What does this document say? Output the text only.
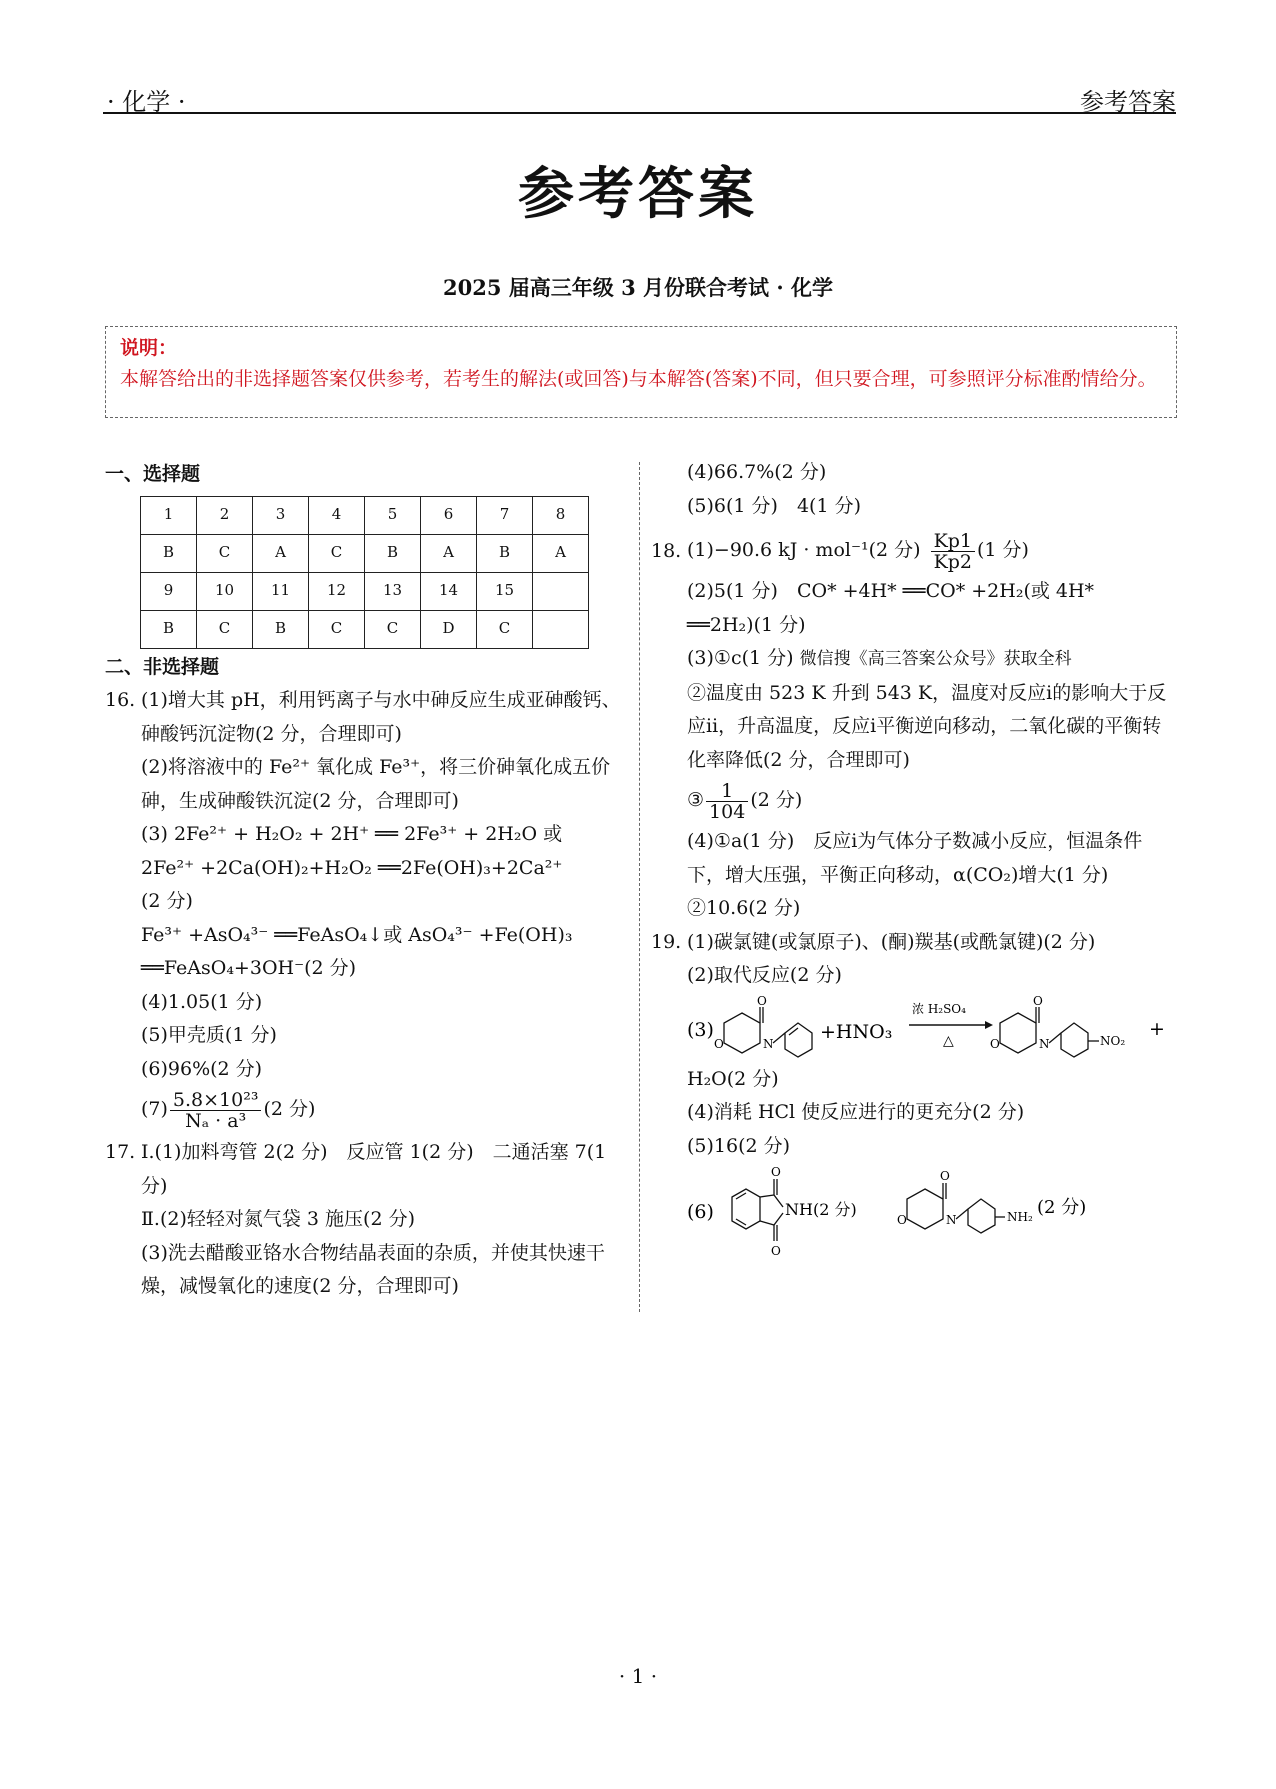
· 化学 ·	参考答案
参考答案
2025 届高三年级 3 月份联合考试 · 化学
说明：
本解答给出的非选择题答案仅供参考，若考生的解法(或回答)与本解答(答案)不同，但只要合理，可参照评分标准酌情给分。
一、选择题
1	2	3	4	5	6	7	8
B	C	A	C	B	A	B	A
9	10	11	12	13	14	15	
B	C	B	C	C	D	C	
二、非选择题
16. (1)增大其 pH，利用钙离子与水中砷反应生成亚砷酸钙、砷酸钙沉淀物(2 分，合理即可)
(2)将溶液中的 Fe²⁺ 氧化成 Fe³⁺，将三价砷氧化成五价砷，生成砷酸铁沉淀(2 分，合理即可)
(3) 2Fe²⁺ + H₂O₂ + 2H⁺ ══ 2Fe³⁺ + 2H₂O 或
2Fe²⁺ +2Ca(OH)₂+H₂O₂ ══2Fe(OH)₃+2Ca²⁺
(2 分)
Fe³⁺ +AsO₄³⁻ ══FeAsO₄↓或 AsO₄³⁻ +Fe(OH)₃
══FeAsO₄+3OH⁻(2 分)
(4)1.05(1 分)
(5)甲壳质(1 分)
(6)96%(2 分)
$(7) \frac{\text{5.8×10²³}}{\text{Nₐ · a³}} (2$ 分)
17. Ⅰ.(1)加料弯管 2(2 分)　反应管 1(2 分)　二通活塞 7(1 分)
Ⅱ.(2)轻轻对氮气袋 3 施压(2 分)
(3)洗去醋酸亚铬水合物结晶表面的杂质，并使其快速干燥，减慢氧化的速度(2 分，合理即可)
(4)66.7%(2 分)
(5)6(1 分)　4(1 分)
18. (1)−90.6 kJ · mol⁻¹(2 分) $\frac{Kp1}{Kp2} (1$ 分)
(2)5(1 分)　CO* +4H* ══CO* +2H₂(或 4H*
══2H₂)(1 分)
(3)①c(1 分) 微信搜《高三答案公众号》获取全科
②温度由 523 K 升到 543 K，温度对反应ⅰ的影响大于反应ⅱ，升高温度，反应ⅰ平衡逆向移动，二氧化碳的平衡转化率降低(2 分，合理即可)
③ $\frac{1}{104} (2$ 分)
(4)①a(1 分)　反应ⅰ为气体分子数减小反应，恒温条件下，增大压强，平衡正向移动，α(CO₂)增大(1 分)
②10.6(2 分)
19. (1)碳氯键(或氯原子)、(酮)羰基(或酰氯键)(2 分)
(2)取代反应(2 分)
(3)
O
O	N
+HNO₃
浓 H₂SO₄
△
O
O	N	NO₂
+
H₂O(2 分)
(4)消耗 HCl 使反应进行的更充分(2 分)
(5)16(2 分)
(6)
O
O
NH(2 分)
O
O	N	NH₂ (2 分)
· 1 ·
